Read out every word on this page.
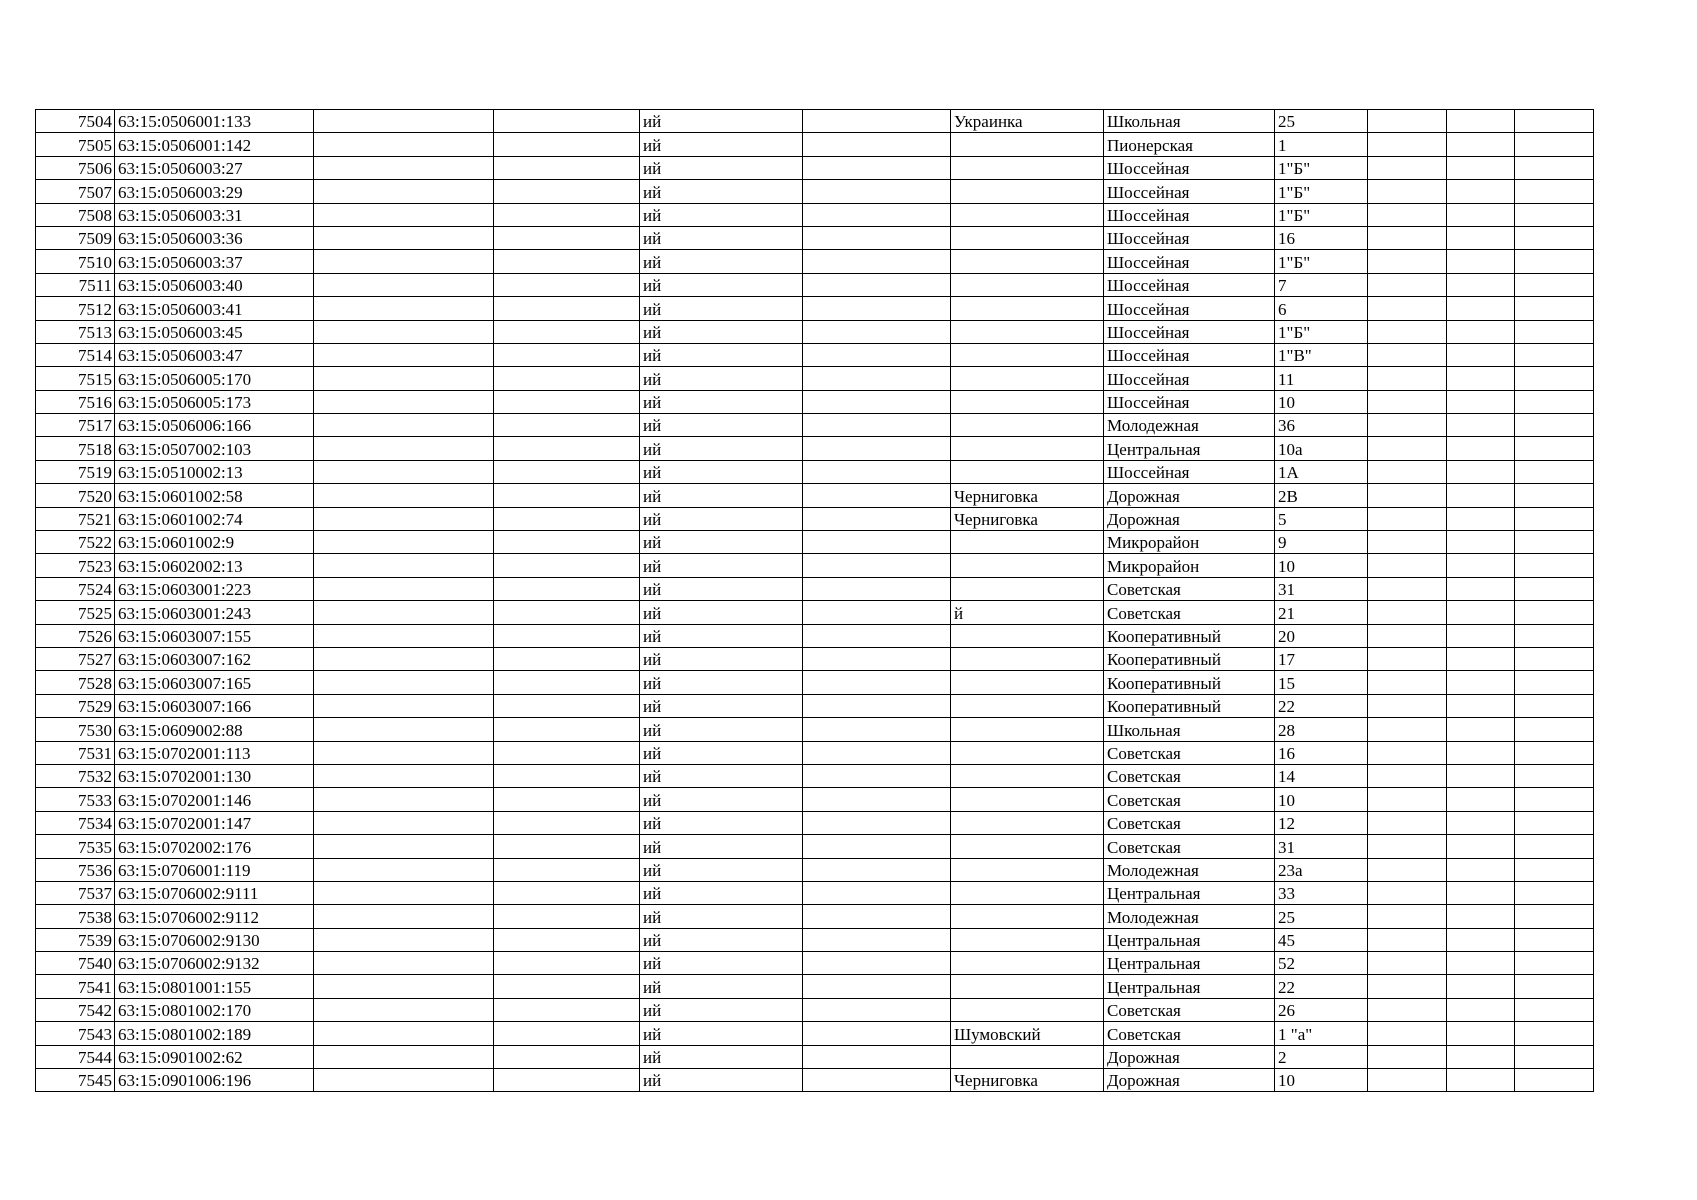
7504	63:15:0506001:133			ий		Украинка	Школьная	25			
7505	63:15:0506001:142			ий			Пионерская	1			
7506	63:15:0506003:27			ий			Шоссейная	1"Б"			
7507	63:15:0506003:29			ий			Шоссейная	1"Б"			
7508	63:15:0506003:31			ий			Шоссейная	1"Б"			
7509	63:15:0506003:36			ий			Шоссейная	16			
7510	63:15:0506003:37			ий			Шоссейная	1"Б"			
7511	63:15:0506003:40			ий			Шоссейная	7			
7512	63:15:0506003:41			ий			Шоссейная	6			
7513	63:15:0506003:45			ий			Шоссейная	1"Б"			
7514	63:15:0506003:47			ий			Шоссейная	1"В"			
7515	63:15:0506005:170			ий			Шоссейная	11			
7516	63:15:0506005:173			ий			Шоссейная	10			
7517	63:15:0506006:166			ий			Молодежная	36			
7518	63:15:0507002:103			ий			Центральная	10а			
7519	63:15:0510002:13			ий			Шоссейная	1А			
7520	63:15:0601002:58			ий		Черниговка	Дорожная	2В			
7521	63:15:0601002:74			ий		Черниговка	Дорожная	5			
7522	63:15:0601002:9			ий			Микрорайон	9			
7523	63:15:0602002:13			ий			Микрорайон	10			
7524	63:15:0603001:223			ий			Советская	31			
7525	63:15:0603001:243			ий		й	Советская	21			
7526	63:15:0603007:155			ий			Кооперативный	20			
7527	63:15:0603007:162			ий			Кооперативный	17			
7528	63:15:0603007:165			ий			Кооперативный	15			
7529	63:15:0603007:166			ий			Кооперативный	22			
7530	63:15:0609002:88			ий			Школьная	28			
7531	63:15:0702001:113			ий			Советская	16			
7532	63:15:0702001:130			ий			Советская	14			
7533	63:15:0702001:146			ий			Советская	10			
7534	63:15:0702001:147			ий			Советская	12			
7535	63:15:0702002:176			ий			Советская	31			
7536	63:15:0706001:119			ий			Молодежная	23а			
7537	63:15:0706002:9111			ий			Центральная	33			
7538	63:15:0706002:9112			ий			Молодежная	25			
7539	63:15:0706002:9130			ий			Центральная	45			
7540	63:15:0706002:9132			ий			Центральная	52			
7541	63:15:0801001:155			ий			Центральная	22			
7542	63:15:0801002:170			ий			Советская	26			
7543	63:15:0801002:189			ий		Шумовский	Советская	1 "а"			
7544	63:15:0901002:62			ий			Дорожная	2			
7545	63:15:0901006:196			ий		Черниговка	Дорожная	10			
